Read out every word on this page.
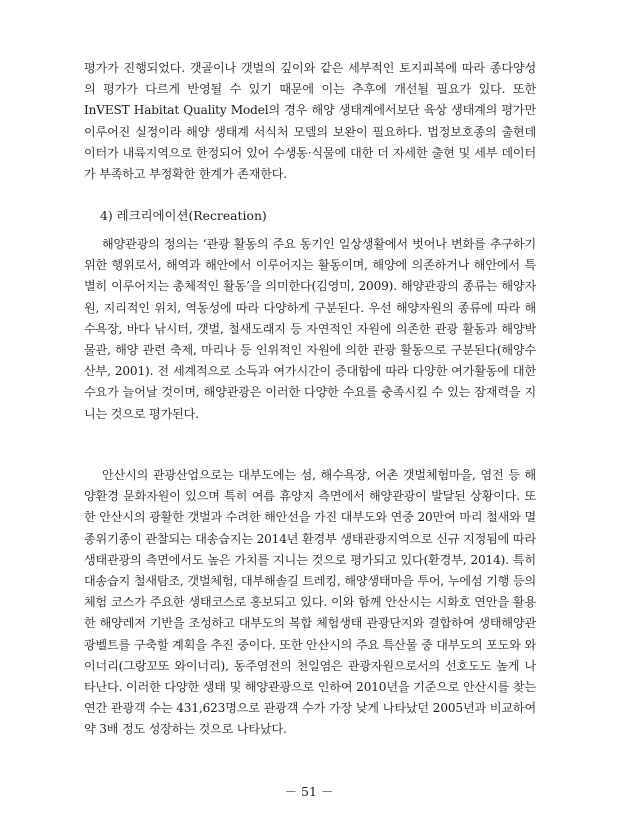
평가가 진행되었다. 갯골이나 갯벌의 깊이와 같은 세부적인 토지피복에 따라 종다양성의 평가가 다르게 반영될 수 있기 때문에 이는 추후에 개선될 필요가 있다. 또한 InVEST Habitat Quality Model의 경우 해양 생태계에서보단 육상 생태계의 평가만 이루어진 실정이라 해양 생태계 서식처 모델의 보완이 필요하다. 법정보호종의 출현데이터가 내륙지역으로 한정되어 있어 수생동·식물에 대한 더 자세한 출현 및 세부 데이터가 부족하고 부정확한 한계가 존재한다.

4) 레크리에이션(Recreation)

해양관광의 정의는 ‘관광 활동의 주요 동기인 일상생활에서 벗어나 변화를 추구하기 위한 행위로서, 해역과 해안에서 이루어지는 활동이며, 해양에 의존하거나 해안에서 특별히 이루어지는 총체적인 활동’을 의미한다(김영미, 2009). 해양관광의 종류는 해양자원, 지리적인 위치, 역동성에 따라 다양하게 구분된다. 우선 해양자원의 종류에 따라 해수욕장, 바다 낚시터, 갯벌, 철새도래지 등 자연적인 자원에 의존한 관광 활동과 해양박물관, 해양 관련 축제, 마리나 등 인위적인 자원에 의한 관광 활동으로 구분된다(해양수산부, 2001). 전 세계적으로 소득과 여가시간이 증대함에 따라 다양한 여가활동에 대한 수요가 늘어날 것이며, 해양관광은 이러한 다양한 수요를 충족시킬 수 있는 잠재력을 지니는 것으로 평가된다.

안산시의 관광산업으로는 대부도에는 섬, 해수욕장, 어촌 갯벌체험마을, 염전 등 해양환경 문화자원이 있으며 특히 여름 휴양지 측면에서 해양관광이 발달된 상황이다. 또한 안산시의 광활한 갯벌과 수려한 해안선을 가진 대부도와 연중 20만여 마리 철새와 멸종위기종이 관찰되는 대송습지는 2014년 환경부 생태관광지역으로 신규 지정됨에 따라 생태관광의 측면에서도 높은 가치를 지니는 것으로 평가되고 있다(환경부, 2014). 특히 대송습지 철새탐조, 갯벌체험, 대부해솔길 트레킹, 해양생태마을 투어, 누에섬 기행 등의 체험 코스가 주요한 생태코스로 홍보되고 있다. 이와 함께 안산시는 시화호 연안을 활용한 해양레저 기반을 조성하고 대부도의 복합 체험생태 관광단지와 결합하여 생태해양관광벨트를 구축할 계획을 추진 중이다. 또한 안산시의 주요 특산물 중 대부도의 포도와 와이너리(그랑꼬또 와이너리), 동주염전의 천일염은 관광자원으로서의 선호도도 높게 나타난다. 이러한 다양한 생태 및 해양관광으로 인하여 2010년을 기준으로 안산시를 찾는 연간 관광객 수는 431,623명으로 관광객 수가 가장 낮게 나타났던 2005년과 비교하여 약 3배 정도 성장하는 것으로 나타났다.

－ 51 －
